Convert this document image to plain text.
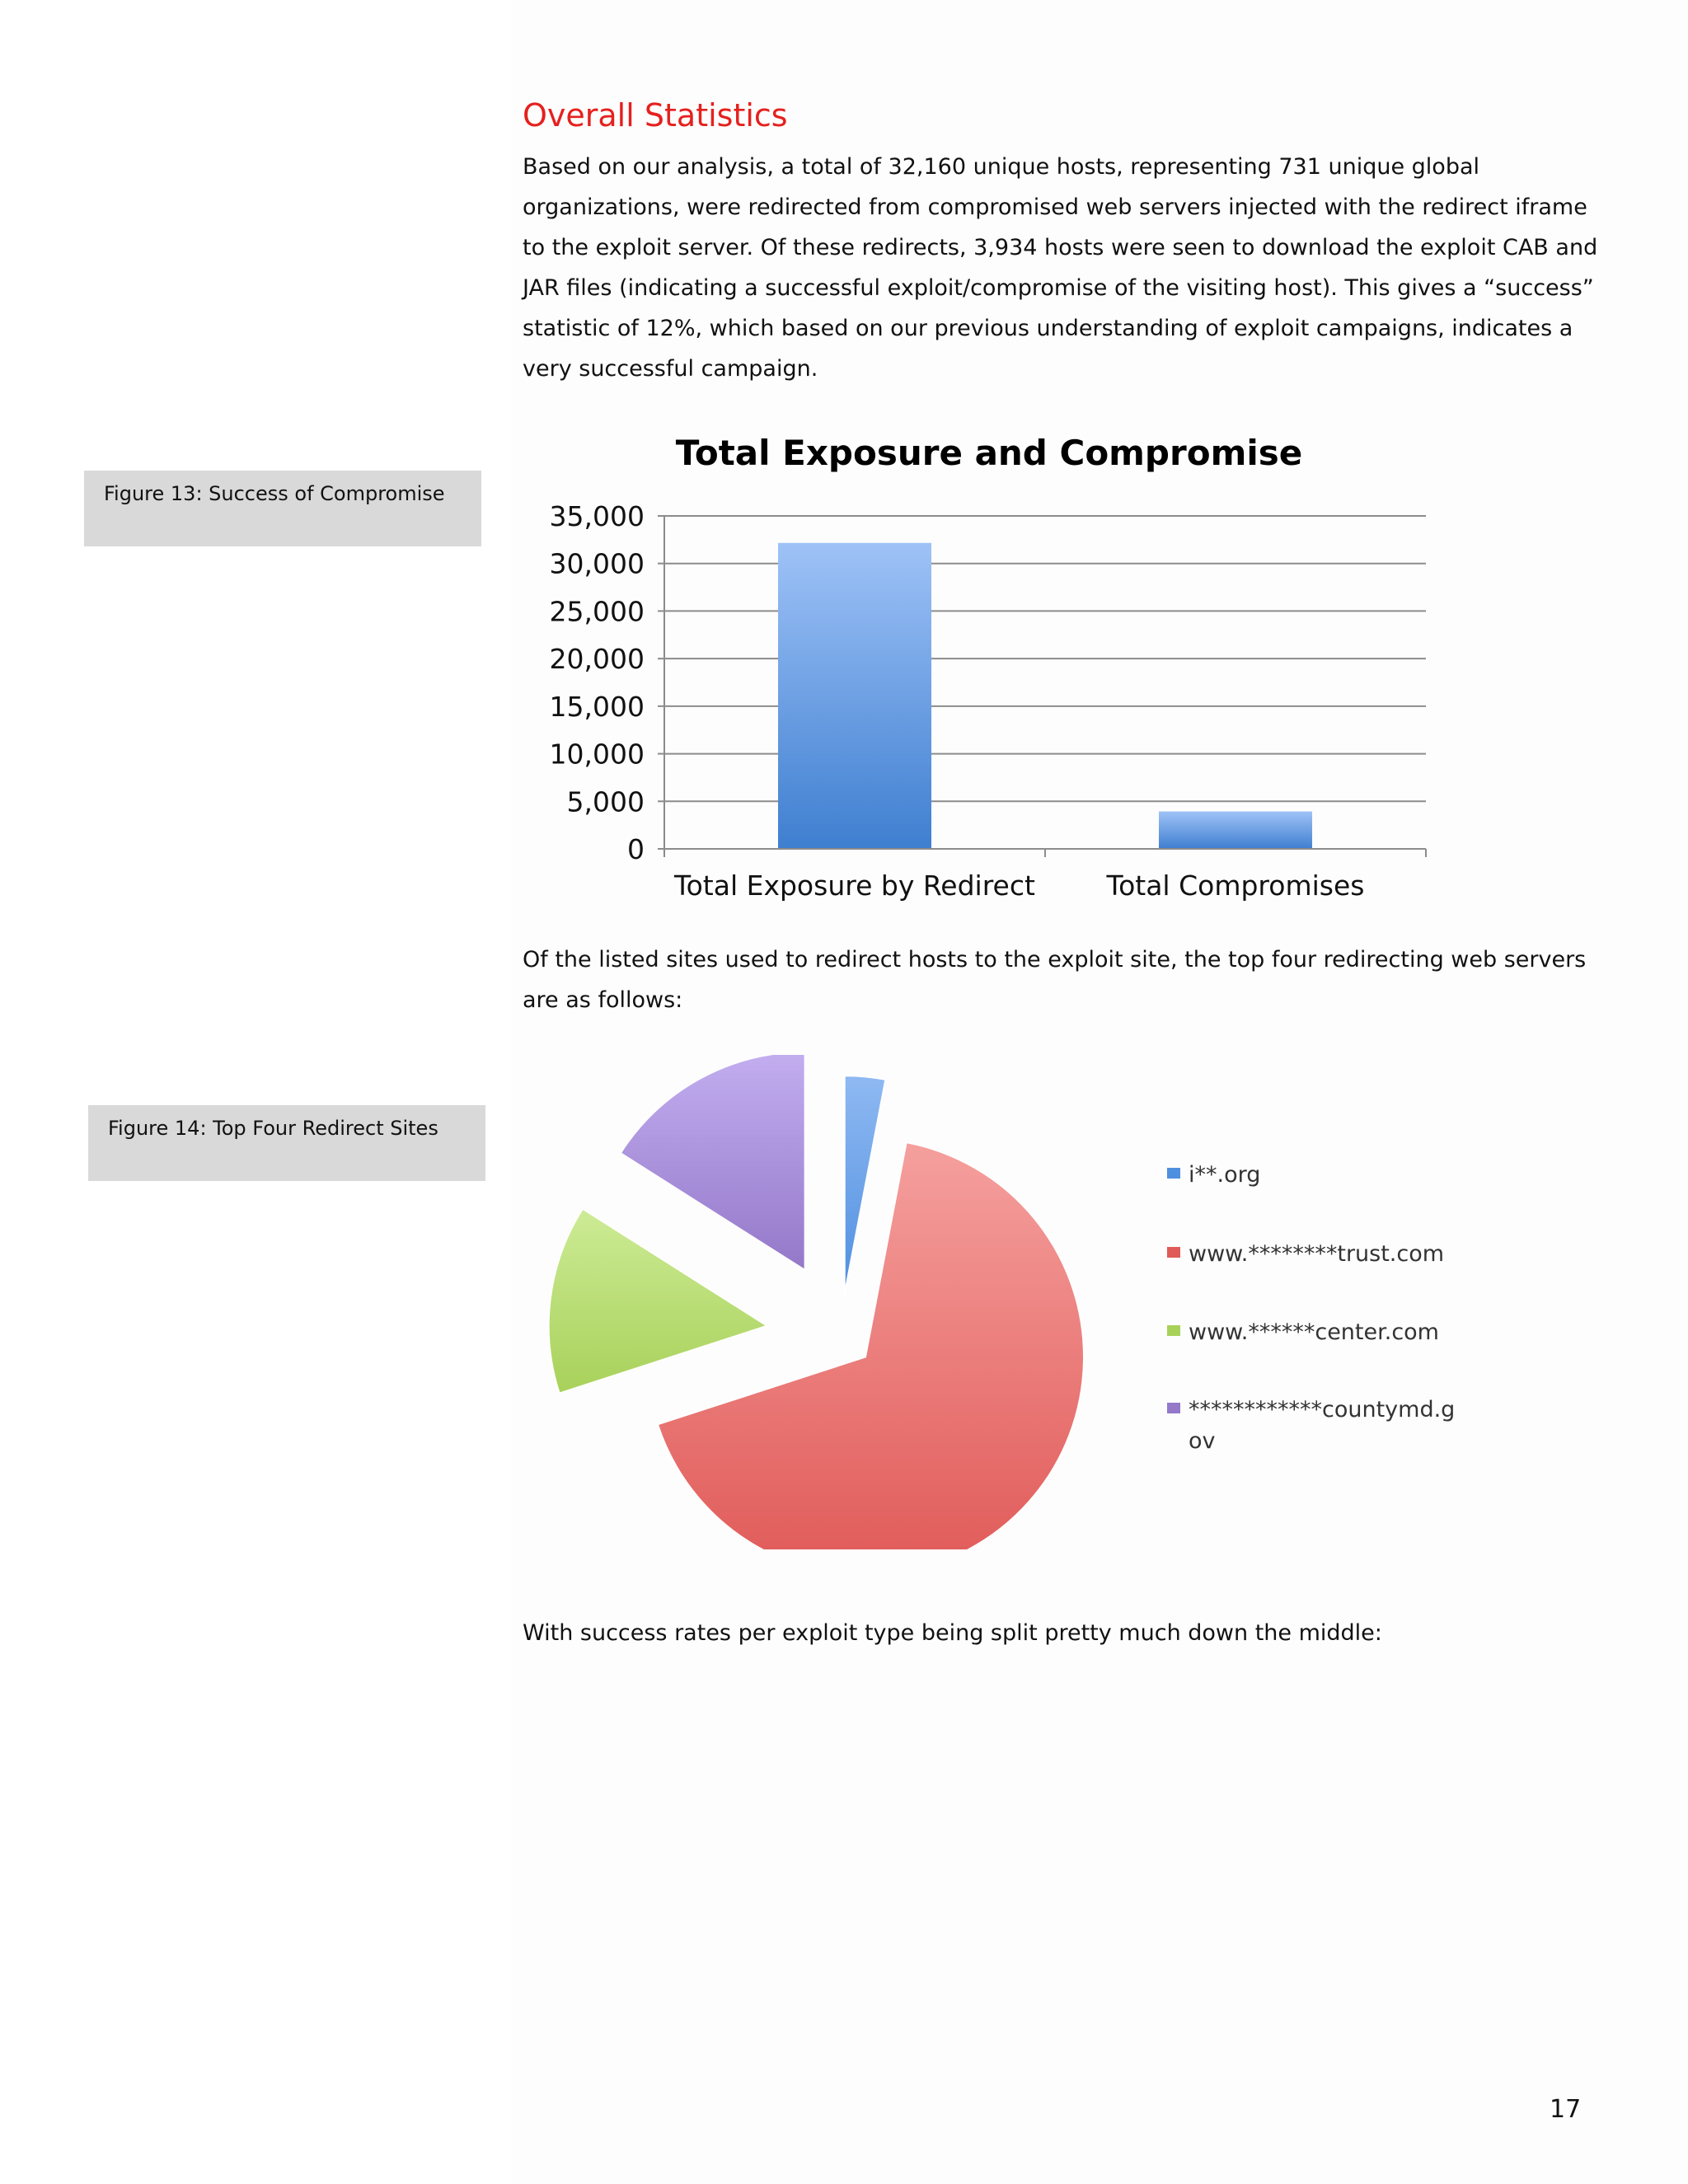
Overall Statistics

Based on our analysis, a total of 32,160 unique hosts, representing 731 unique global organizations, were redirected from compromised web servers injected with the redirect iframe to the exploit server. Of these redirects, 3,934 hosts were seen to download the exploit CAB and JAR files (indicating a successful exploit/compromise of the visiting host). This gives a “success” statistic of 12%, which based on our previous understanding of exploit campaigns, indicates a very successful campaign.

Figure 13: Success of Compromise
Total Exposure and Compromise
0
5,000
10,000
15,000
20,000
25,000
30,000
35,000
Total Exposure by Redirect	Total Compromises

Of the listed sites used to redirect hosts to the exploit site, the top four redirecting web servers are as follows:

Figure 14: Top Four Redirect Sites
i**.org
www.********trust.com
www.******center.com
************countymd.g
ov

With success rates per exploit type being split pretty much down the middle:

17
